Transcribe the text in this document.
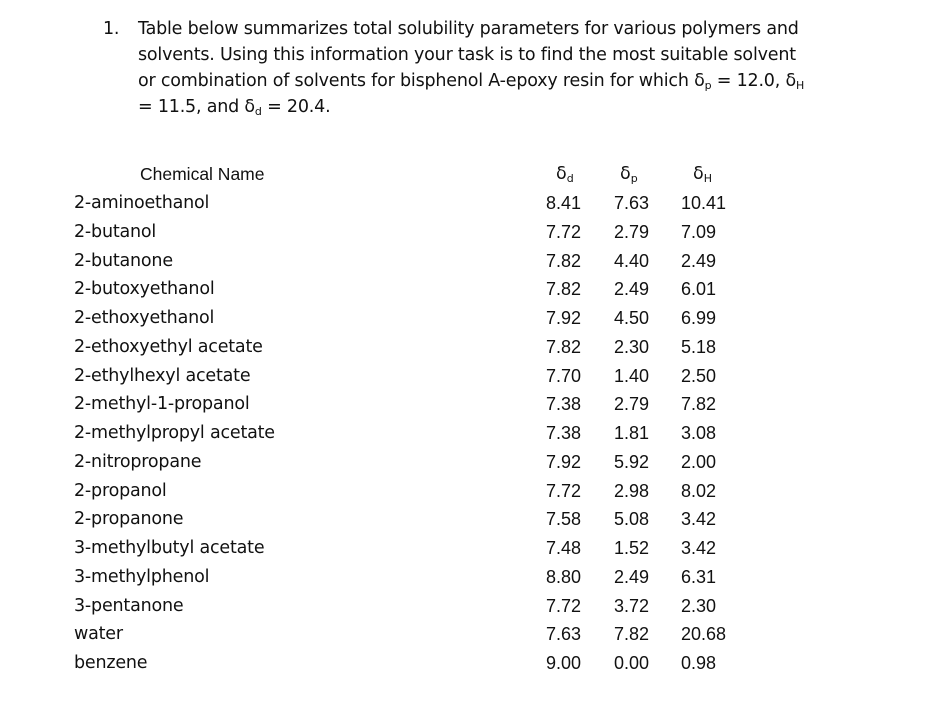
1. Table below summarizes total solubility parameters for various polymers and
solvents. Using this information your task is to find the most suitable solvent
or combination of solvents for bisphenol A-epoxy resin for which $\delta_p = 12.0$, $\delta_H$
= 11.5, and $\delta_d = 20.4$.
Chemical Name	$\delta_d$	$\delta_p$	$\delta_H$
2-aminoethanol	8.41 7.63 10.41
2-butanol	7.72 2.79 7.09
2-butanone	7.82 4.40 2.49
2-butoxyethanol	7.82 2.49 6.01
2-ethoxyethanol	7.92 4.50 6.99
2-ethoxyethyl acetate	7.82 2.30 5.18
2-ethylhexyl acetate	7.70 1.40 2.50
2-methyl-1-propanol	7.38 2.79 7.82
2-methylpropyl acetate	7.38 1.81 3.08
2-nitropropane	7.92 5.92 2.00
2-propanol	7.72 2.98 8.02
2-propanone	7.58 5.08 3.42
3-methylbutyl acetate	7.48 1.52 3.42
3-methylphenol	8.80 2.49 6.31
3-pentanone	7.72 3.72 2.30
water	7.63 7.82 20.68
benzene	9.00 0.00 0.98
